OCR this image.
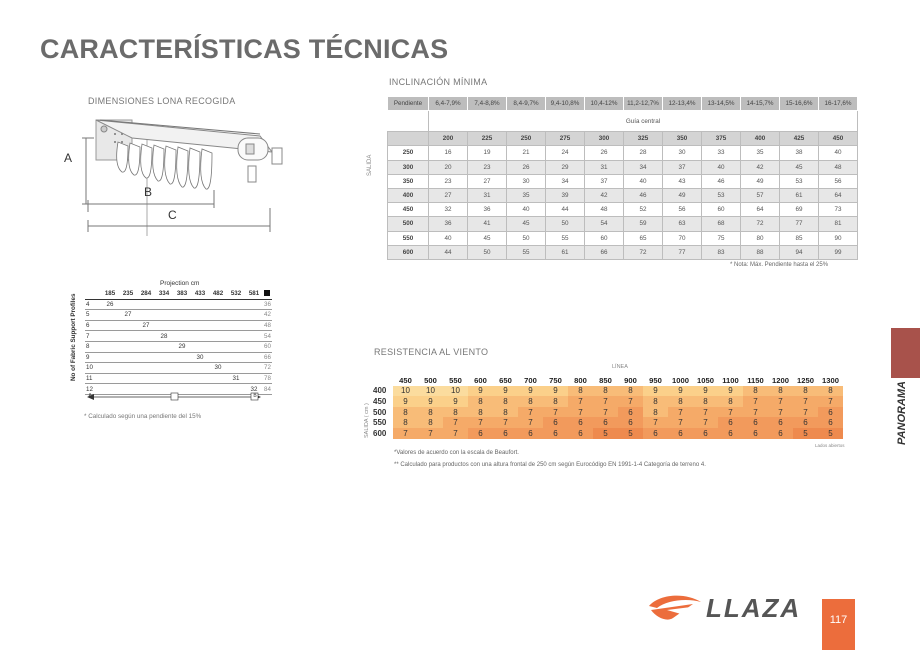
CARACTERÍSTICAS TÉCNICAS
DIMENSIONES LONA RECOGIDA
A
B
C
INCLINACIÓN MÍNIMA
Pendiente	6,4-7,9%	7,4-8,8%	8,4-9,7%	9,4-10,8%	10,4-12%	11,2-12,7%	12-13,4%	13-14,5%	14-15,7%	15-16,6%	16-17,6%
	Guía central										
	200	225	250	275	300	325	350	375	400	425	450
250	16	19	21	24	26	28	30	33	35	38	40
300	20	23	26	29	31	34	37	40	42	45	48
350	23	27	30	34	37	40	43	46	49	53	56
400	27	31	35	39	42	46	49	53	57	61	64
450	32	36	40	44	48	52	56	60	64	69	73
500	36	41	45	50	54	59	63	68	72	77	81
550	40	45	50	55	60	65	70	75	80	85	90
600	44	50	55	61	66	72	77	83	88	94	99
SALIDA
* Nota: Máx. Pendiente hasta el 25%
Projection cm
No of Fabric Support Profiles
		185	235	284	334	383	433	482	532	581	
4	26									36
5		27								42
6			27							48
7				28						54
8					29					60
9						30				66
10							30			72
11								31		78
12									32	84
A	B
* Calculado según una pendiente del 15%
RESISTENCIA AL VIENTO
LÍNEA
SALIDA ( cm )
	450	500	550	600	650	700	750	800	850	900	950	1000	1050	1100	1150	1200	1250	1300
400	10	10	10	9	9	9	9	8	8	8	9	9	9	9	8	8	8	8
450	9	9	9	8	8	8	8	7	7	7	8	8	8	8	7	7	7	7
500	8	8	8	8	8	7	7	7	7	6	8	7	7	7	7	7	7	6
550	8	8	7	7	7	7	6	6	6	6	7	7	7	6	6	6	6	6
600	7	7	7	6	6	6	6	6	5	5	6	6	6	6	6	6	5	5
Lados abiertos
*Valores de acuerdo con la escala de Beaufort.
** Calculado para productos con una altura frontal de 250 cm según Eurocódigo EN 1991-1-4 Categoría de terreno 4.
PANORAMA
LLAZA	117
